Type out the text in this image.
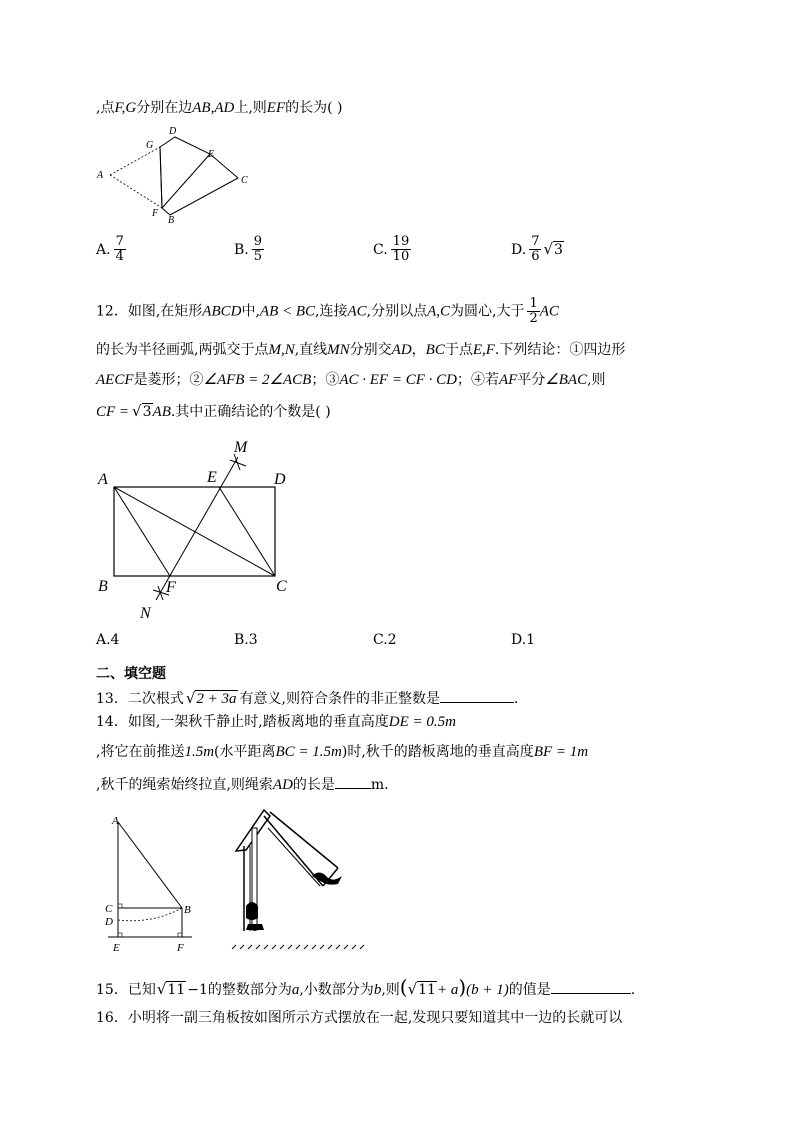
,点F,G分别在边AB,AD上,则EF的长为( )
D
G
E
A	C
F
B
A. $\frac{7}{4}$	B. $\frac{9}{5}$	C. $\frac{19}{10}$	D. $\frac{7}{6}$ √ 3
12．如图,在矩形ABCD中,AB < BC,连接AC,分别以点A,C为圆心,大于 $\frac{1}{2}$ AC
的长为半径画弧,两弧交于点M,N,直线MN分别交AD，BC于点E,F.下列结论：①四边形
AECF是菱形；②∠AFB = 2∠ACB；③AC · EF = CF · CD；④若AF平分∠BAC,则
CF = √ 3 AB.其中正确结论的个数是( )
M
A	E	D
B	F	C
N
A.4	B.3	C.2	D.1
二、填空题
13．二次根式 √ 2 + 3a 有意义,则符合条件的非正整数是	.
14．如图,一架秋千静止时,踏板离地的垂直高度DE = 0.5m
,将它在前推送1.5m(水平距离BC = 1.5m)时,秋千的踏板离地的垂直高度BF = 1m
,秋千的绳索始终拉直,则绳索AD的长是	m.
A
C
D
B
E	F
15．已知 √ 11 −1的整数部分为a,小数部分为b,则( √ 11 + a)(b + 1)的值是	.
16．小明将一副三角板按如图所示方式摆放在一起,发现只要知道其中一边的长就可以
